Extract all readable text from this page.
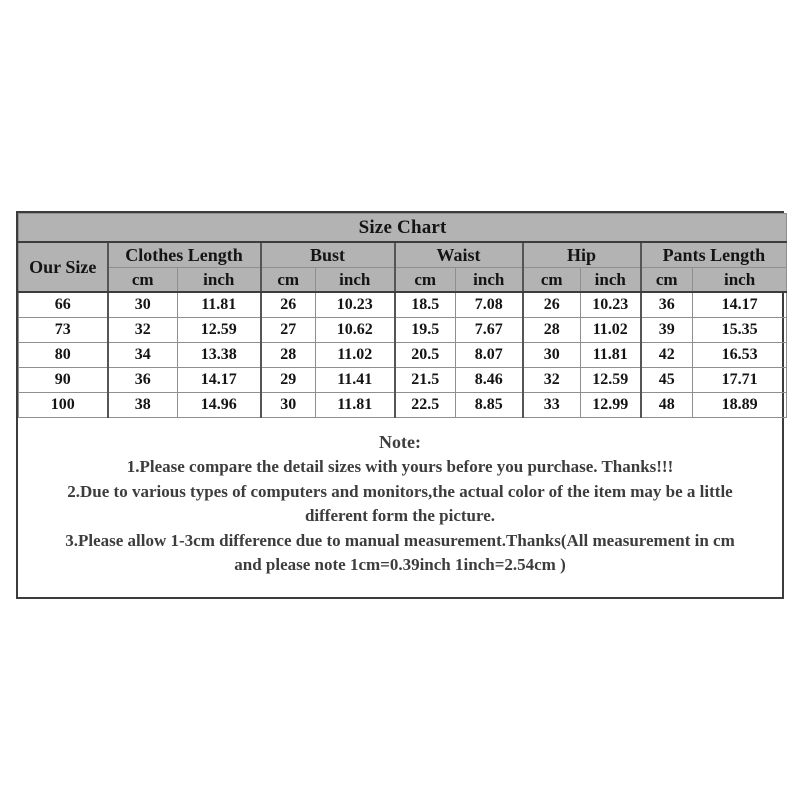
Size Chart										
Our Size	Clothes Length		Bust		Waist		Hip		Pants Length	
	cm	inch	cm	inch	cm	inch	cm	inch	cm	inch
66	30	11.81	26	10.23	18.5	7.08	26	10.23	36	14.17
73	32	12.59	27	10.62	19.5	7.67	28	11.02	39	15.35
80	34	13.38	28	11.02	20.5	8.07	30	11.81	42	16.53
90	36	14.17	29	11.41	21.5	8.46	32	12.59	45	17.71
100	38	14.96	30	11.81	22.5	8.85	33	12.99	48	18.89
Note:
1.Please compare the detail sizes with yours before you purchase. Thanks!!!
2.Due to various types of computers and monitors,the actual color of the item may be a little
different form the picture.
3.Please allow 1-3cm difference due to manual measurement.Thanks(All measurement in cm
and please note 1cm=0.39inch 1inch=2.54cm )
